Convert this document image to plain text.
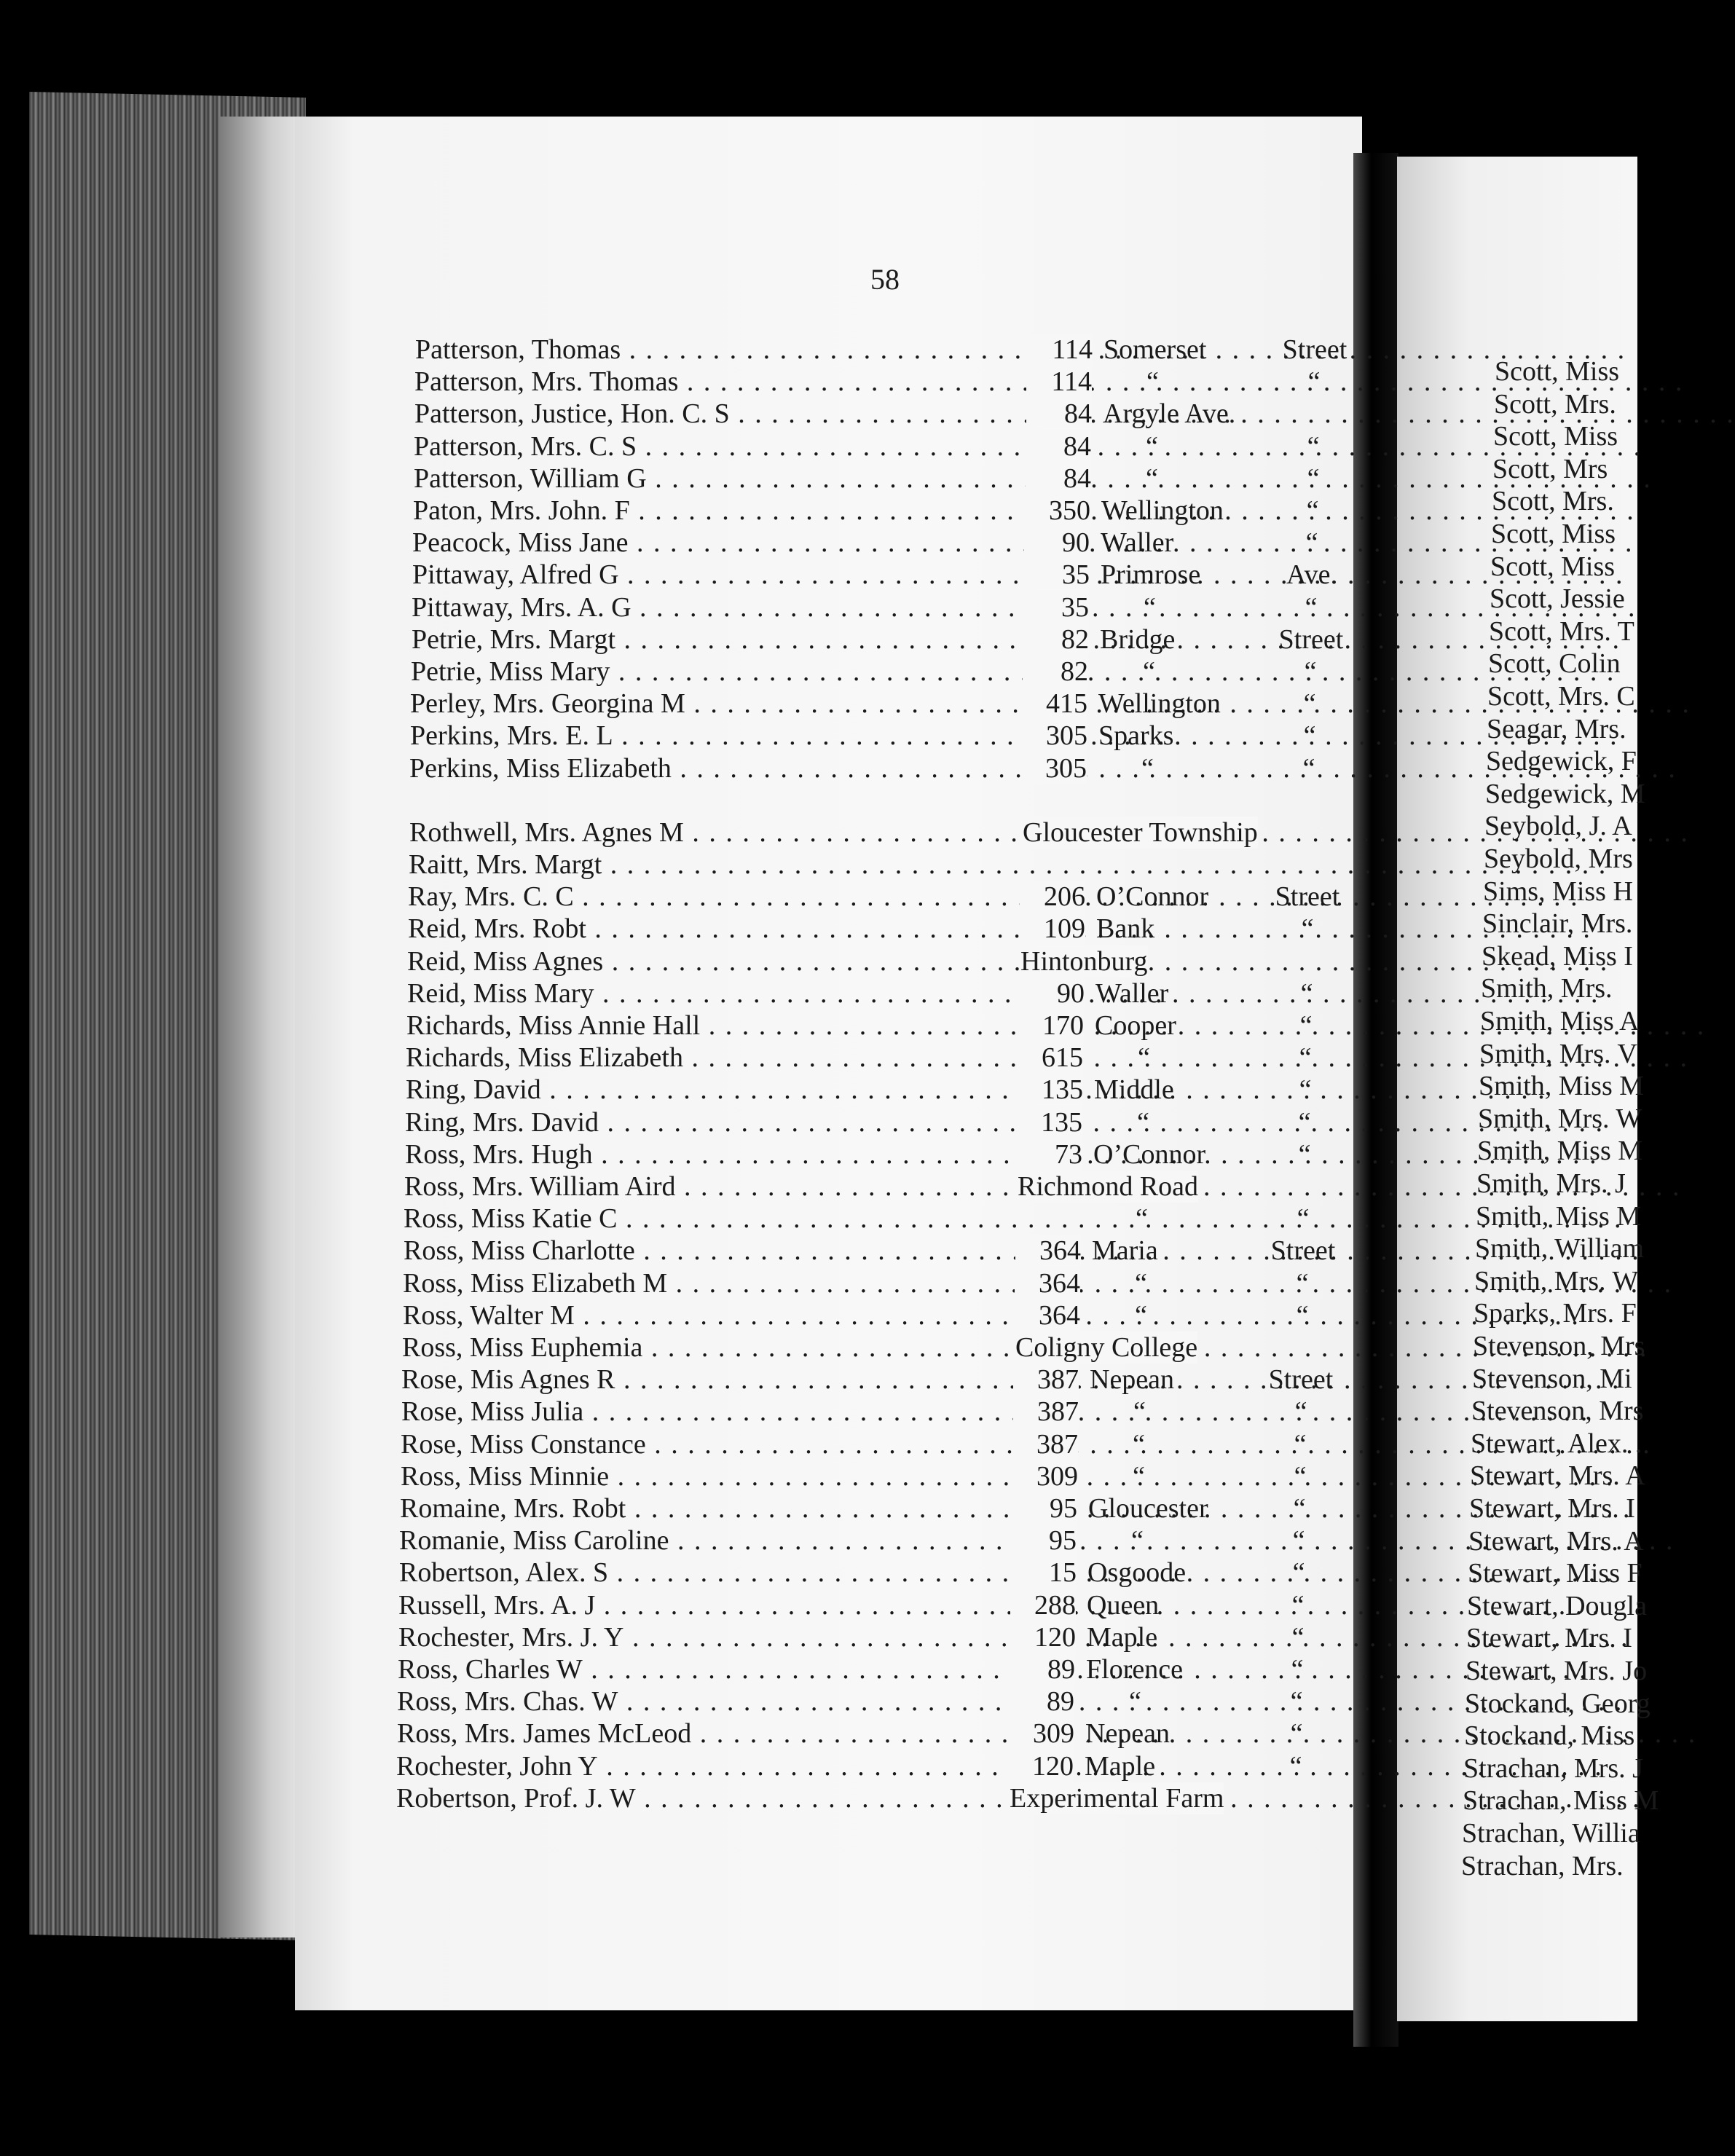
58
Patterson, Thomas . . .	114 Somerset	Street
Patterson, Mrs. Thomas . . .	114	“	“
Patterson, Justice, Hon. C. S . . .	84 Argyle Ave.
Patterson, Mrs. C. S . . .	84	“	“
Patterson, William G . . .	84	“	“
Paton, Mrs. John. F . . .	350 Wellington	“
Peacock, Miss Jane . . .	90 Waller	“
Pittaway, Alfred G . . .	35 Primrose	Ave.
Pittaway, Mrs. A. G . . .	35	“	“
Petrie, Mrs. Margt . . .	82 Bridge	Street
Petrie, Miss Mary . . .	82	“	“
Perley, Mrs. Georgina M . . .	415 Wellington	“
Perkins, Mrs. E. L . . .	305 Sparks	“
Perkins, Miss Elizabeth . . .	305	“	“
Rothwell, Mrs. Agnes M . . .	Gloucester Township
Raitt, Mrs. Margt . . .
Ray, Mrs. C. C . . .	206 O’Connor	Street
Reid, Mrs. Robt . . .	109 Bank	“
Reid, Miss Agnes . . .	Hintonburg
Reid, Miss Mary . . .	90 Waller	“
Richards, Miss Annie Hall . . .	170 Cooper	“
Richards, Miss Elizabeth . . .	615	“	“
Ring, David . . .	135 Middle	“
Ring, Mrs. David . . .	135	“	“
Ross, Mrs. Hugh . . .	73 O’Connor	“
Ross, Mrs. William Aird . . .	Richmond Road
Ross, Miss Katie C . . .	“	“
Ross, Miss Charlotte . . .	364 Maria	Street
Ross, Miss Elizabeth M . . .	364	“	“
Ross, Walter M . . .	364	“	“
Ross, Miss Euphemia . . .	Coligny College
Rose, Mis Agnes R . . .	387 Nepean	Street
Rose, Miss Julia . . .	387	“	“
Rose, Miss Constance . . .	387	“	“
Ross, Miss Minnie . . .	309	“	“
Romaine, Mrs. Robt . . .	95 Gloucester	“
Romanie, Miss Caroline . . .	95	“	“
Robertson, Alex. S . . .	15 Osgoode	“
Russell, Mrs. A. J . . .	288 Queen	“
Rochester, Mrs. J. Y . . .	120 Maple	“
Ross, Charles W . . .	89 Florence	“
Ross, Mrs. Chas. W . . .	89	“	“
Ross, Mrs. James McLeod . . .	309 Nepean	“
Rochester, John Y . . .	120 Maple	“
Robertson, Prof. J. W . . .	Experimental Farm
Scott, Miss
Scott, Mrs.
Scott, Miss
Scott, Mrs
Scott, Mrs.
Scott, Miss
Scott, Miss
Scott, Jessie
Scott, Mrs. T
Scott, Colin
Scott, Mrs. C
Seagar, Mrs.
Sedgewick, F
Sedgewick, M
Seybold, J. A
Seybold, Mrs
Sims, Miss H
Sinclair, Mrs.
Skead, Miss I
Smith, Mrs.
Smith, Miss A
Smith, Mrs. V
Smith, Miss M
Smith, Mrs. W
Smith, Miss M
Smith, Mrs. J
Smith, Miss M
Smith, William
Smith, Mrs. W
Sparks, Mrs. F
Stevenson, Mrs
Stevenson, Mi
Stevenson, Mrs
Stewart, Alex. .
Stewart, Mrs. A
Stewart, Mrs. I
Stewart, Mrs. A
Stewart, Miss F
Stewart, Dougla
Stewart, Mrs. I
Stewart, Mrs. Jo
Stockand, Georg
Stockand, Miss
Strachan, Mrs. J
Strachan, Miss M
Strachan, Willia
Strachan, Mrs.
